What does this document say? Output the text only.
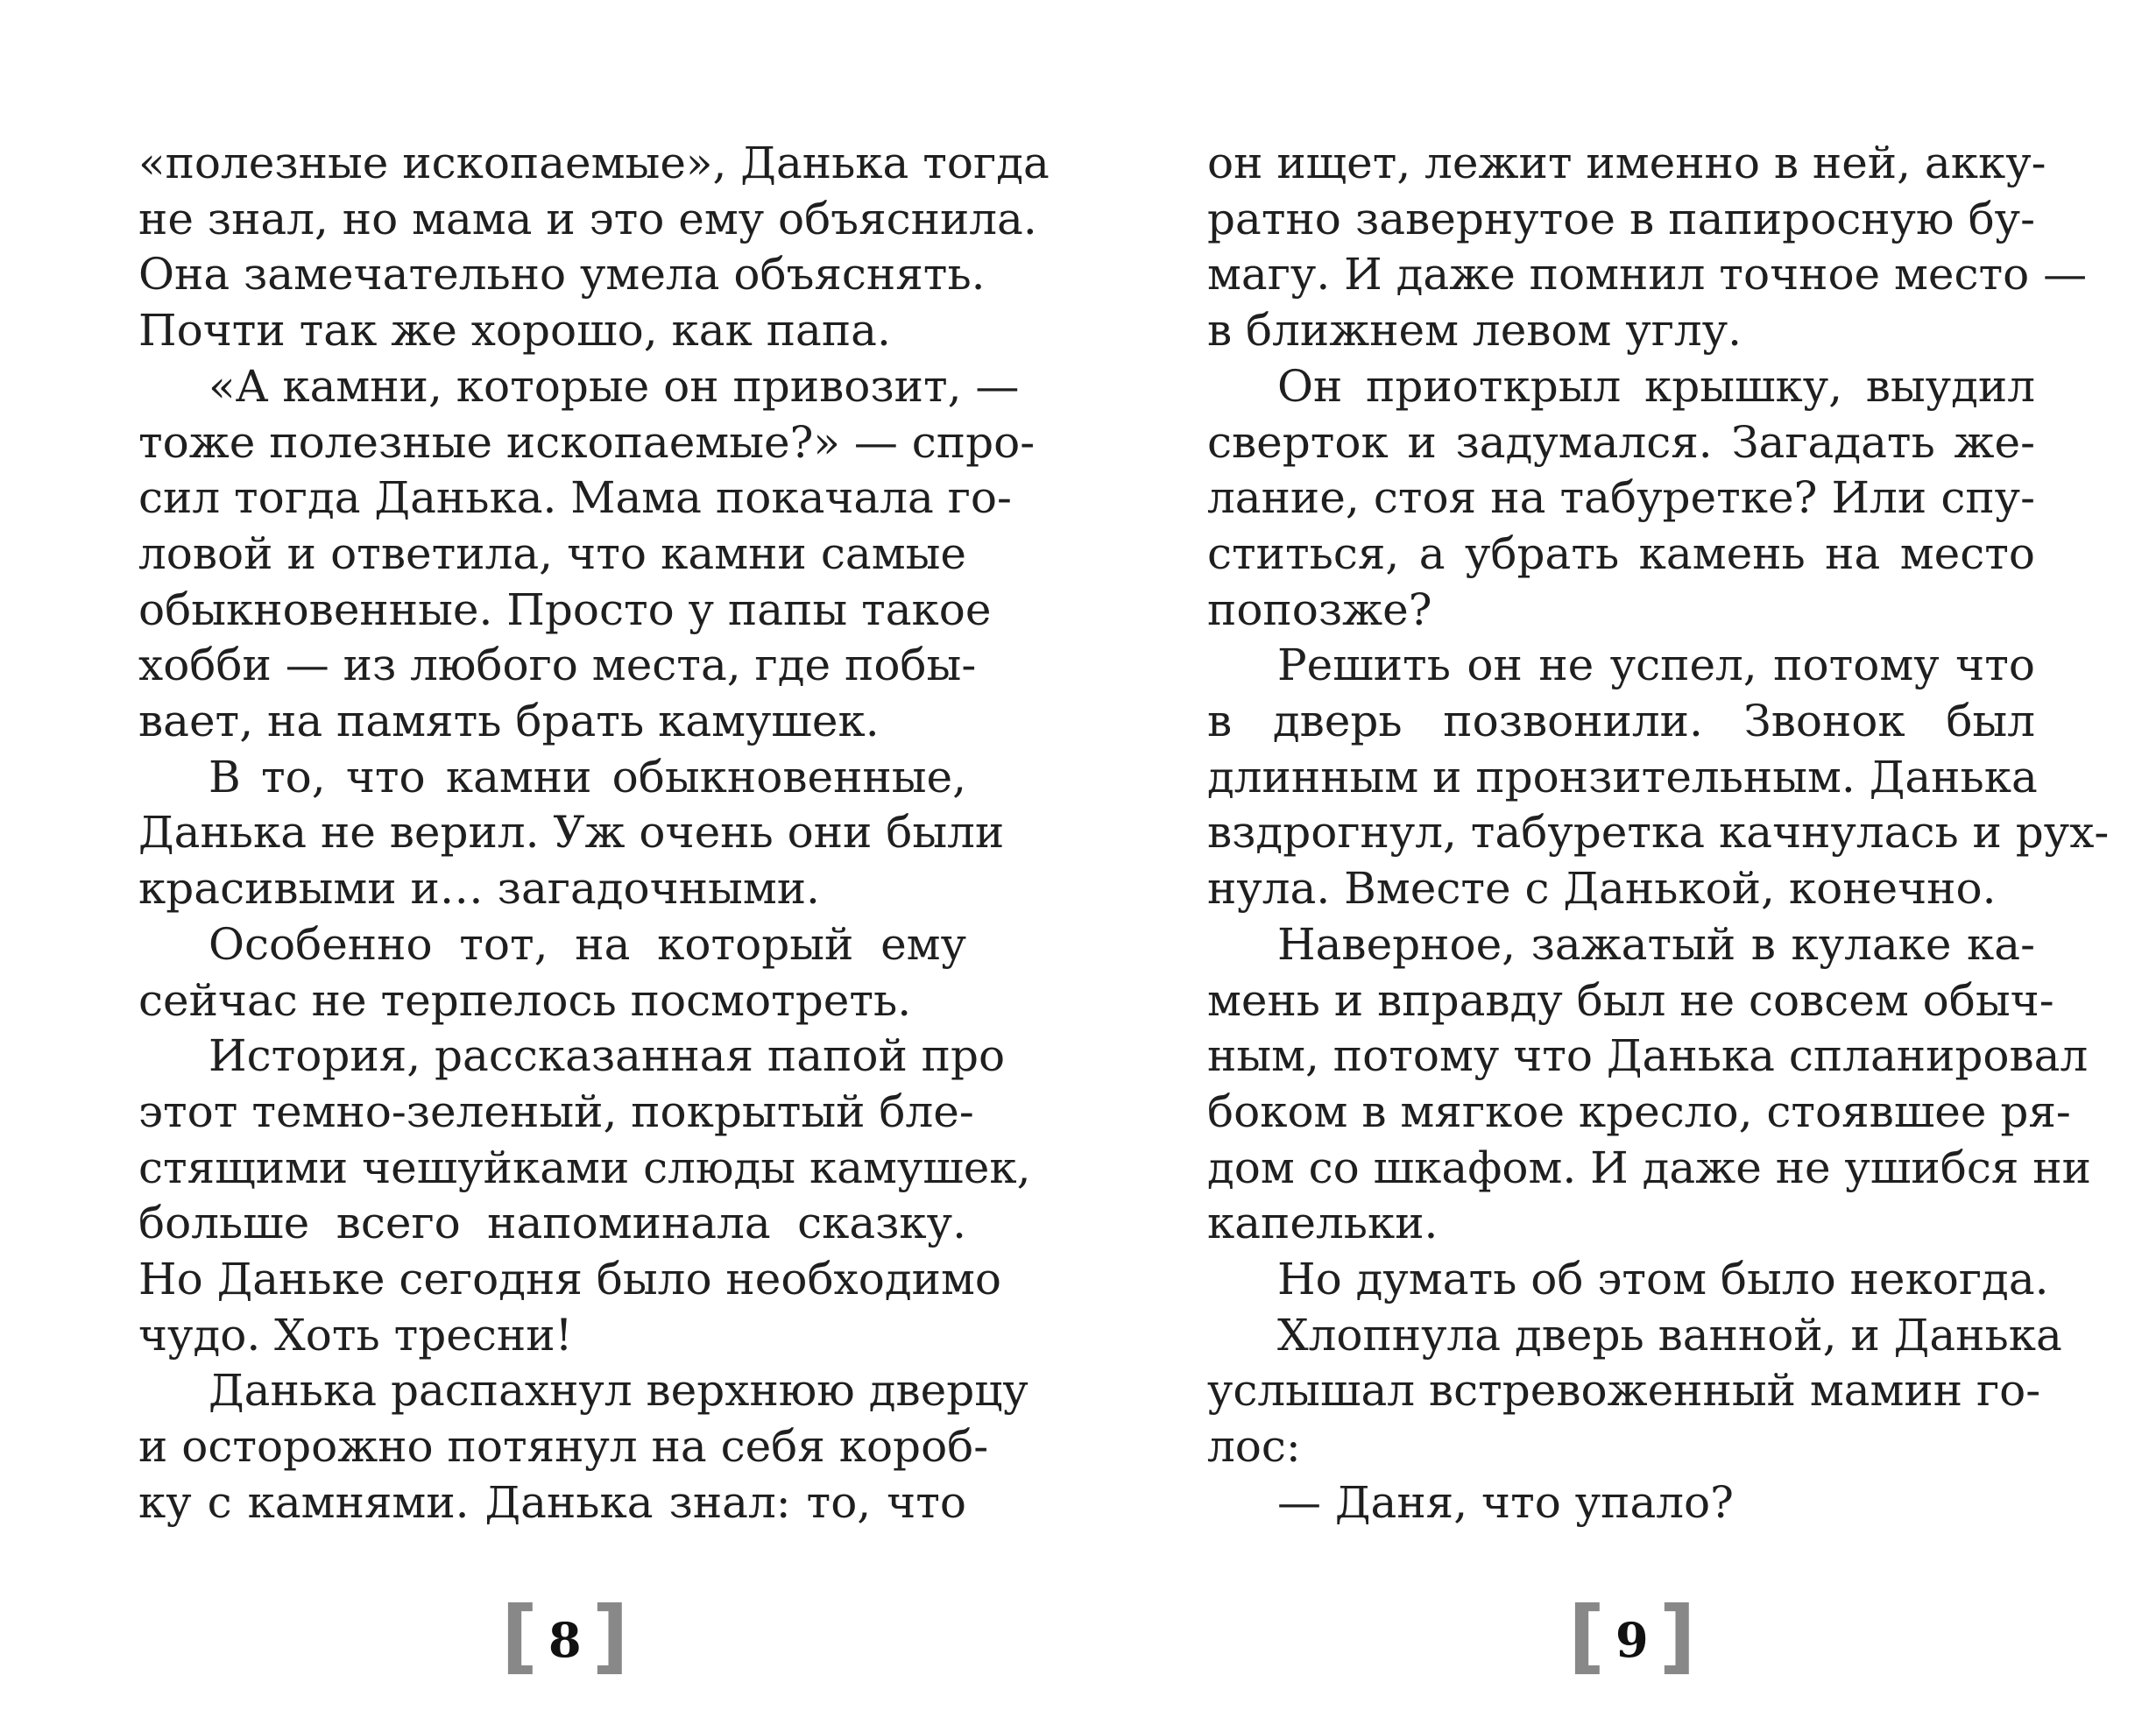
«полезные ископаемые», Данька тогда
не знал, но мама и это ему объяснила.
Она замечательно умела объяснять.
Почти так же хорошо, как папа.

«А камни, которые он привозит, —
тоже полезные ископаемые?» — спро-
сил тогда Данька. Мама покачала го-
ловой и ответила, что камни самые
обыкновенные. Просто у папы такое
хобби — из любого места, где побы-
вает, на память брать камушек.

В то, что камни обыкновенные,
Данька не верил. Уж очень они были
красивыми и… загадочными.

Особенно тот, на который ему
сейчас не терпелось посмотреть.

История, рассказанная папой про
этот темно-зеленый, покрытый бле-
стящими чешуйками слюды камушек,
больше всего напоминала сказку.
Но Даньке сегодня было необходимо
чудо. Хоть тресни!

Данька распахнул верхнюю дверцу
и осторожно потянул на себя короб-
ку с камнями. Данька знал: то, что

он ищет, лежит именно в ней, акку-
ратно завернутое в папиросную бу-
магу. И даже помнил точное место —
в ближнем левом углу.

Он приоткрыл крышку, выудил
сверток и задумался. Загадать же-
лание, стоя на табуретке? Или спу-
ститься, а убрать камень на место
попозже?

Решить он не успел, потому что
в дверь позвонили. Звонок был
длинным и пронзительным. Данька
вздрогнул, табуретка качнулась и рух-
нула. Вместе с Данькой, конечно.

Наверное, зажатый в кулаке ка-
мень и вправду был не совсем обыч-
ным, потому что Данька спланировал
боком в мягкое кресло, стоявшее ря-
дом со шкафом. И даже не ушибся ни
капельки.

Но думать об этом было некогда.

Хлопнула дверь ванной, и Данька
услышал встревоженный мамин го-
лос:

— Даня, что упало?

[ 8 ]	[ 9 ]
